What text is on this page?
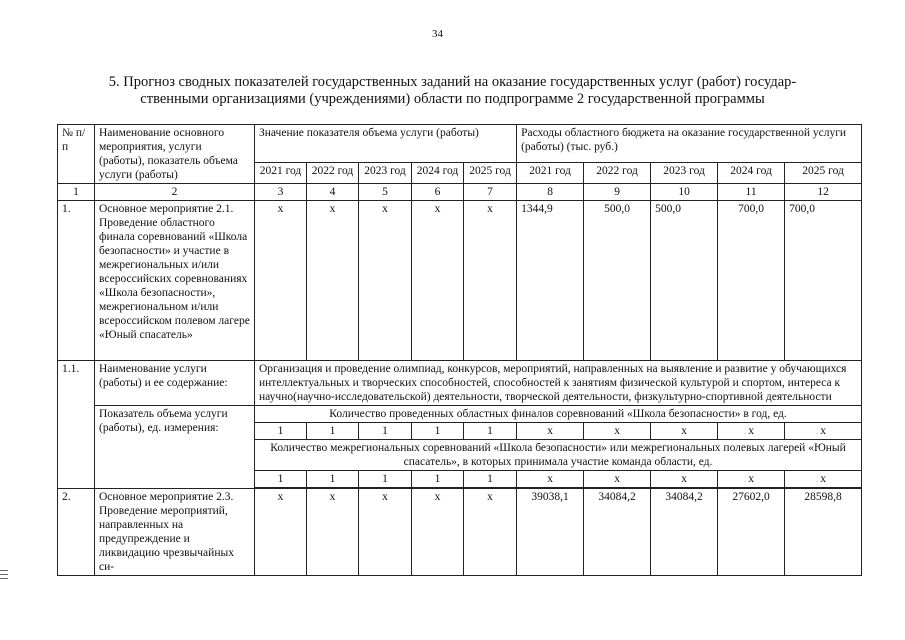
34
5. Прогноз сводных показателей государственных заданий на оказание государственных услуг (работ) государ-
ственными организациями (учреждениями) области по подпрограмме 2 государственной программы
№ п/п	Наименование основного мероприятия, услуги (работы), показатель объема услуги (работы)	Значение показателя объема услуги (работы)					Расходы областного бюджета на оказание государственной услуги (работы) (тыс. руб.)				
		2021 год	2022 год	2023 год	2024 год	2025 год	2021 год	2022 год	2023 год	2024 год	2025 год
1	2	3	4	5	6	7	8	9	10	11	12
1.	Основное мероприятие 2.1. Проведение областного финала соревнований «Школа безопасности» и участие в межрегиональных и/или всероссийских соревнованиях «Школа безопасности», межрегиональном и/или всероссийском полевом лагере «Юный спасатель»	х	х	х	х	х	1344,9	500,0	500,0	700,0	700,0
1.1.	Наименование услуги (работы) и ее содержание:	Организация и проведение олимпиад, конкурсов, мероприятий, направленных на выявление и развитие у обучающихся интеллектуальных и творческих способностей, способностей к занятиям физической культурой и спортом, интереса к научно(научно-исследовательской) деятельности, творческой деятельности, физкультурно-спортивной деятельности									
	Показатель объема услуги (работы), ед. измерения:	Количество проведенных областных финалов соревнований «Школа безопасности» в год, ед.									
		1	1	1	1	1	х	х	х	х	х
		Количество межрегиональных соревнований «Школа безопасности» или межрегиональных полевых лагерей «Юный спасатель», в которых принимала участие команда области, ед.									
		1	1	1	1	1	х	х	х	х	х

2.	Основное мероприятие 2.3. Проведение мероприятий, направленных на предупреждение и ликвидацию чрезвычайных си-	х	х	х	х	х	39038,1	34084,2	34084,2	27602,0	28598,8
